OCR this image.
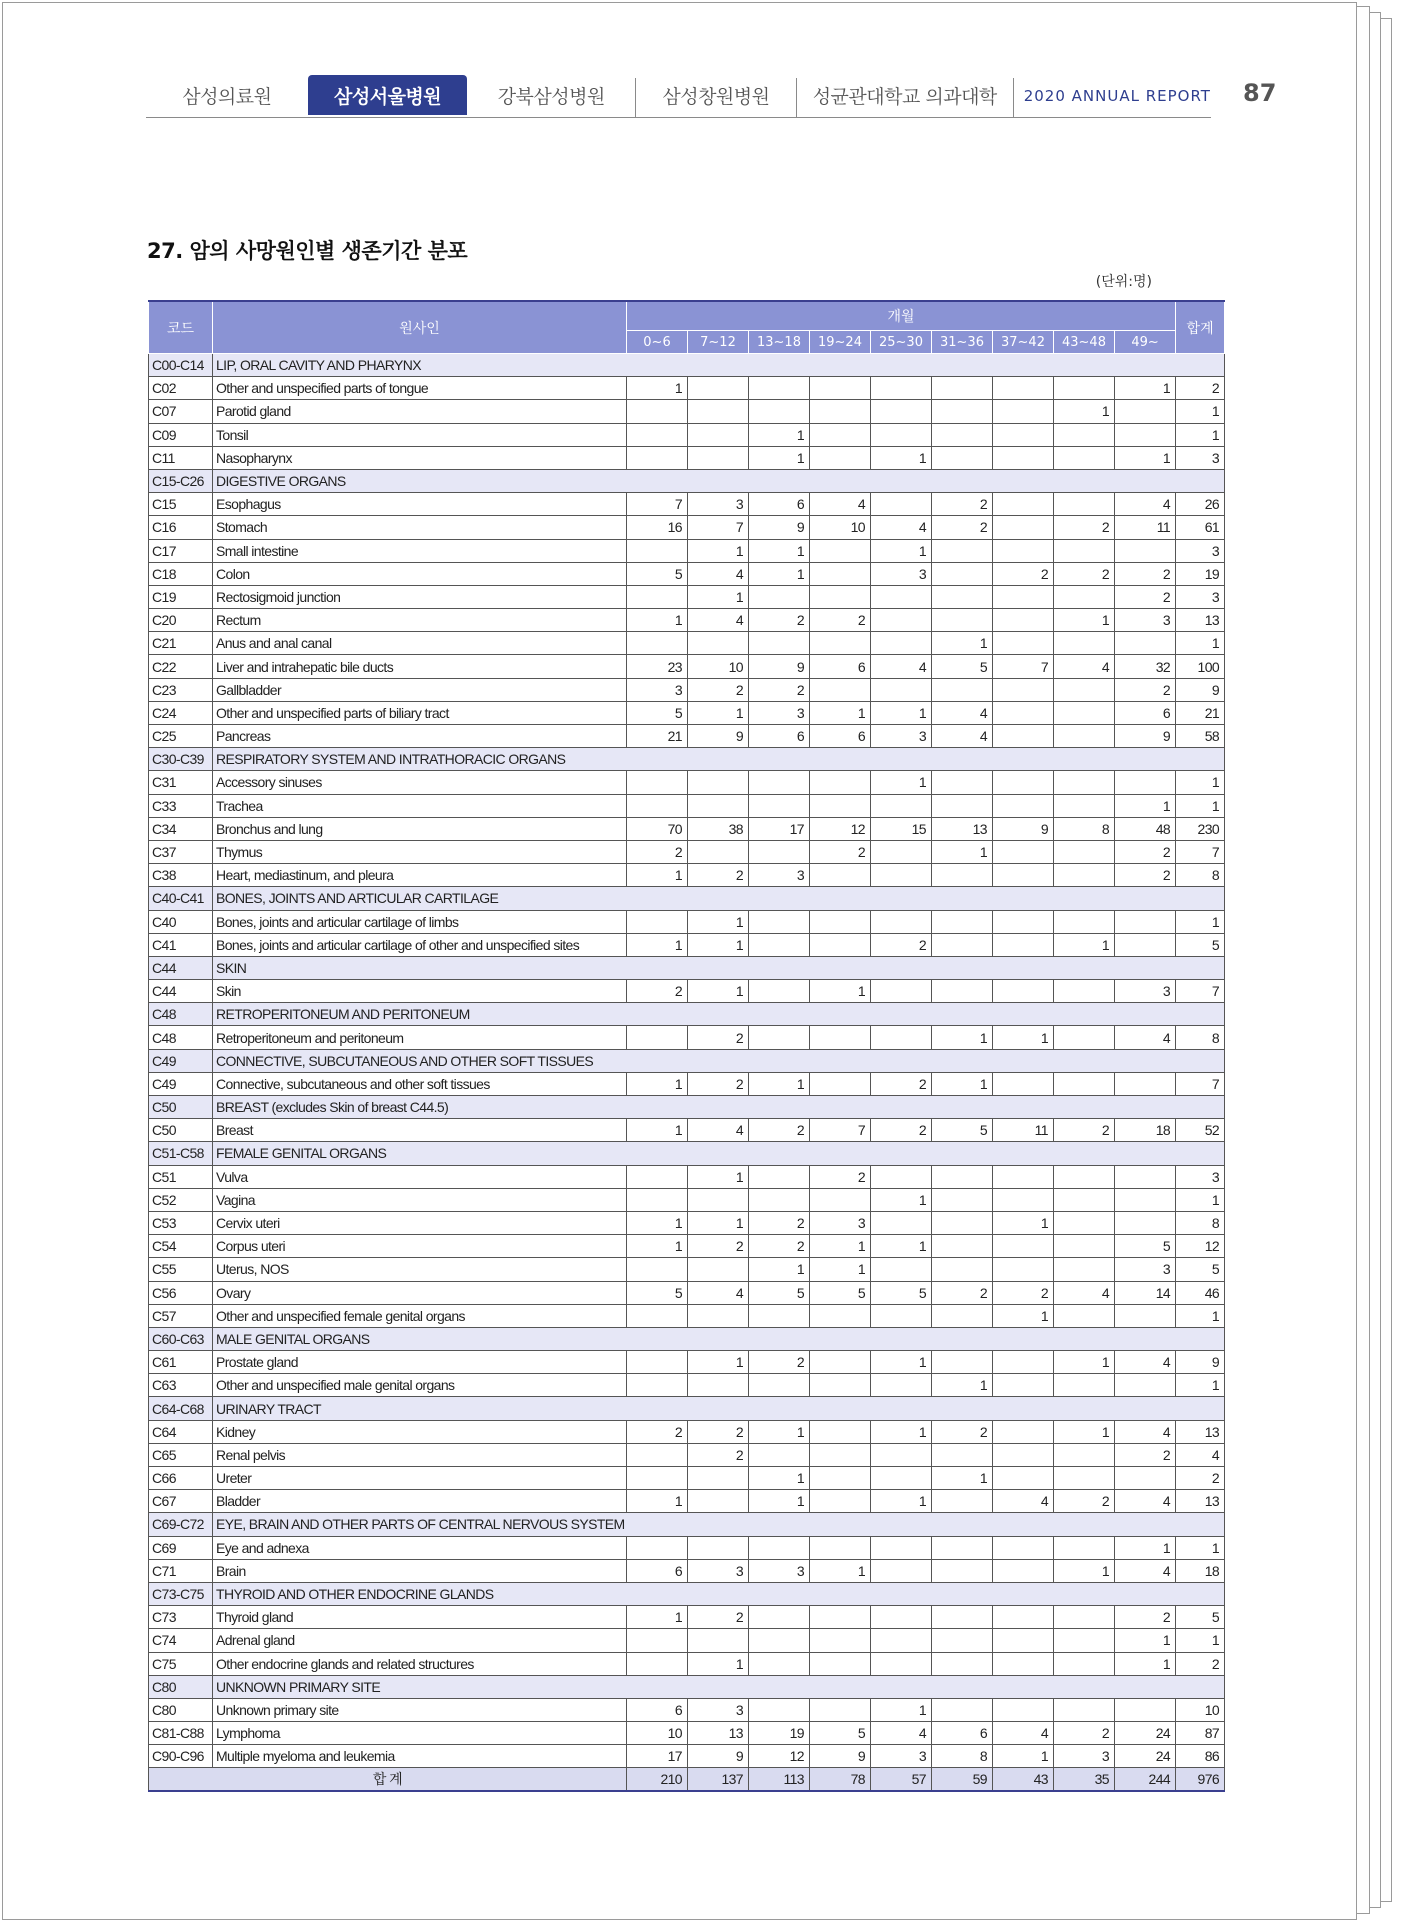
삼성의료원	삼성서울병원	강북삼성병원	삼성창원병원	성균관대학교 의과대학	2020 ANNUAL REPORT 87
27. 암의 사망원인별 생존기간 분포
(단위:명)
코드	원사인	개월									합계
		0~6	7~12	13~18	19~24	25~30	31~36	37~42	43~48	49~	
C00-C14	LIP, ORAL CAVITY AND PHARYNX										
C02	Other and unspecified parts of tongue	1								1	2
C07	Parotid gland								1		1
C09	Tonsil			1							1
C11	Nasopharynx			1		1				1	3
C15-C26	DIGESTIVE ORGANS										
C15	Esophagus	7	3	6	4		2			4	26
C16	Stomach	16	7	9	10	4	2		2	11	61
C17	Small intestine		1	1		1					3
C18	Colon	5	4	1		3		2	2	2	19
C19	Rectosigmoid junction		1							2	3
C20	Rectum	1	4	2	2				1	3	13
C21	Anus and anal canal						1				1
C22	Liver and intrahepatic bile ducts	23	10	9	6	4	5	7	4	32	100
C23	Gallbladder	3	2	2						2	9
C24	Other and unspecified parts of biliary tract	5	1	3	1	1	4			6	21
C25	Pancreas	21	9	6	6	3	4			9	58
C30-C39	RESPIRATORY SYSTEM AND INTRATHORACIC ORGANS										
C31	Accessory sinuses					1					1
C33	Trachea									1	1
C34	Bronchus and lung	70	38	17	12	15	13	9	8	48	230
C37	Thymus	2			2		1			2	7
C38	Heart, mediastinum, and pleura	1	2	3						2	8
C40-C41	BONES, JOINTS AND ARTICULAR CARTILAGE										
C40	Bones, joints and articular cartilage of limbs		1								1
C41	Bones, joints and articular cartilage of other and unspecified sites	1	1			2			1		5
C44	SKIN										
C44	Skin	2	1		1					3	7
C48	RETROPERITONEUM AND PERITONEUM										
C48	Retroperitoneum and peritoneum		2				1	1		4	8
C49	CONNECTIVE, SUBCUTANEOUS AND OTHER SOFT TISSUES										
C49	Connective, subcutaneous and other soft tissues	1	2	1		2	1				7
C50	BREAST (excludes Skin of breast C44.5)										
C50	Breast	1	4	2	7	2	5	11	2	18	52
C51-C58	FEMALE GENITAL ORGANS										
C51	Vulva		1		2						3
C52	Vagina					1					1
C53	Cervix uteri	1	1	2	3			1			8
C54	Corpus uteri	1	2	2	1	1				5	12
C55	Uterus, NOS			1	1					3	5
C56	Ovary	5	4	5	5	5	2	2	4	14	46
C57	Other and unspecified female genital organs							1			1
C60-C63	MALE GENITAL ORGANS										
C61	Prostate gland		1	2		1			1	4	9
C63	Other and unspecified male genital organs						1				1
C64-C68	URINARY TRACT										
C64	Kidney	2	2	1		1	2		1	4	13
C65	Renal pelvis		2							2	4
C66	Ureter			1			1				2
C67	Bladder	1		1		1		4	2	4	13
C69-C72	EYE, BRAIN AND OTHER PARTS OF CENTRAL NERVOUS SYSTEM										
C69	Eye and adnexa									1	1
C71	Brain	6	3	3	1				1	4	18
C73-C75	THYROID AND OTHER ENDOCRINE GLANDS										
C73	Thyroid gland	1	2							2	5
C74	Adrenal gland									1	1
C75	Other endocrine glands and related structures		1							1	2
C80	UNKNOWN PRIMARY SITE										
C80	Unknown primary site	6	3			1					10
C81-C88	Lymphoma	10	13	19	5	4	6	4	2	24	87
C90-C96	Multiple myeloma and leukemia	17	9	12	9	3	8	1	3	24	86
합 계		210	137	113	78	57	59	43	35	244	976
